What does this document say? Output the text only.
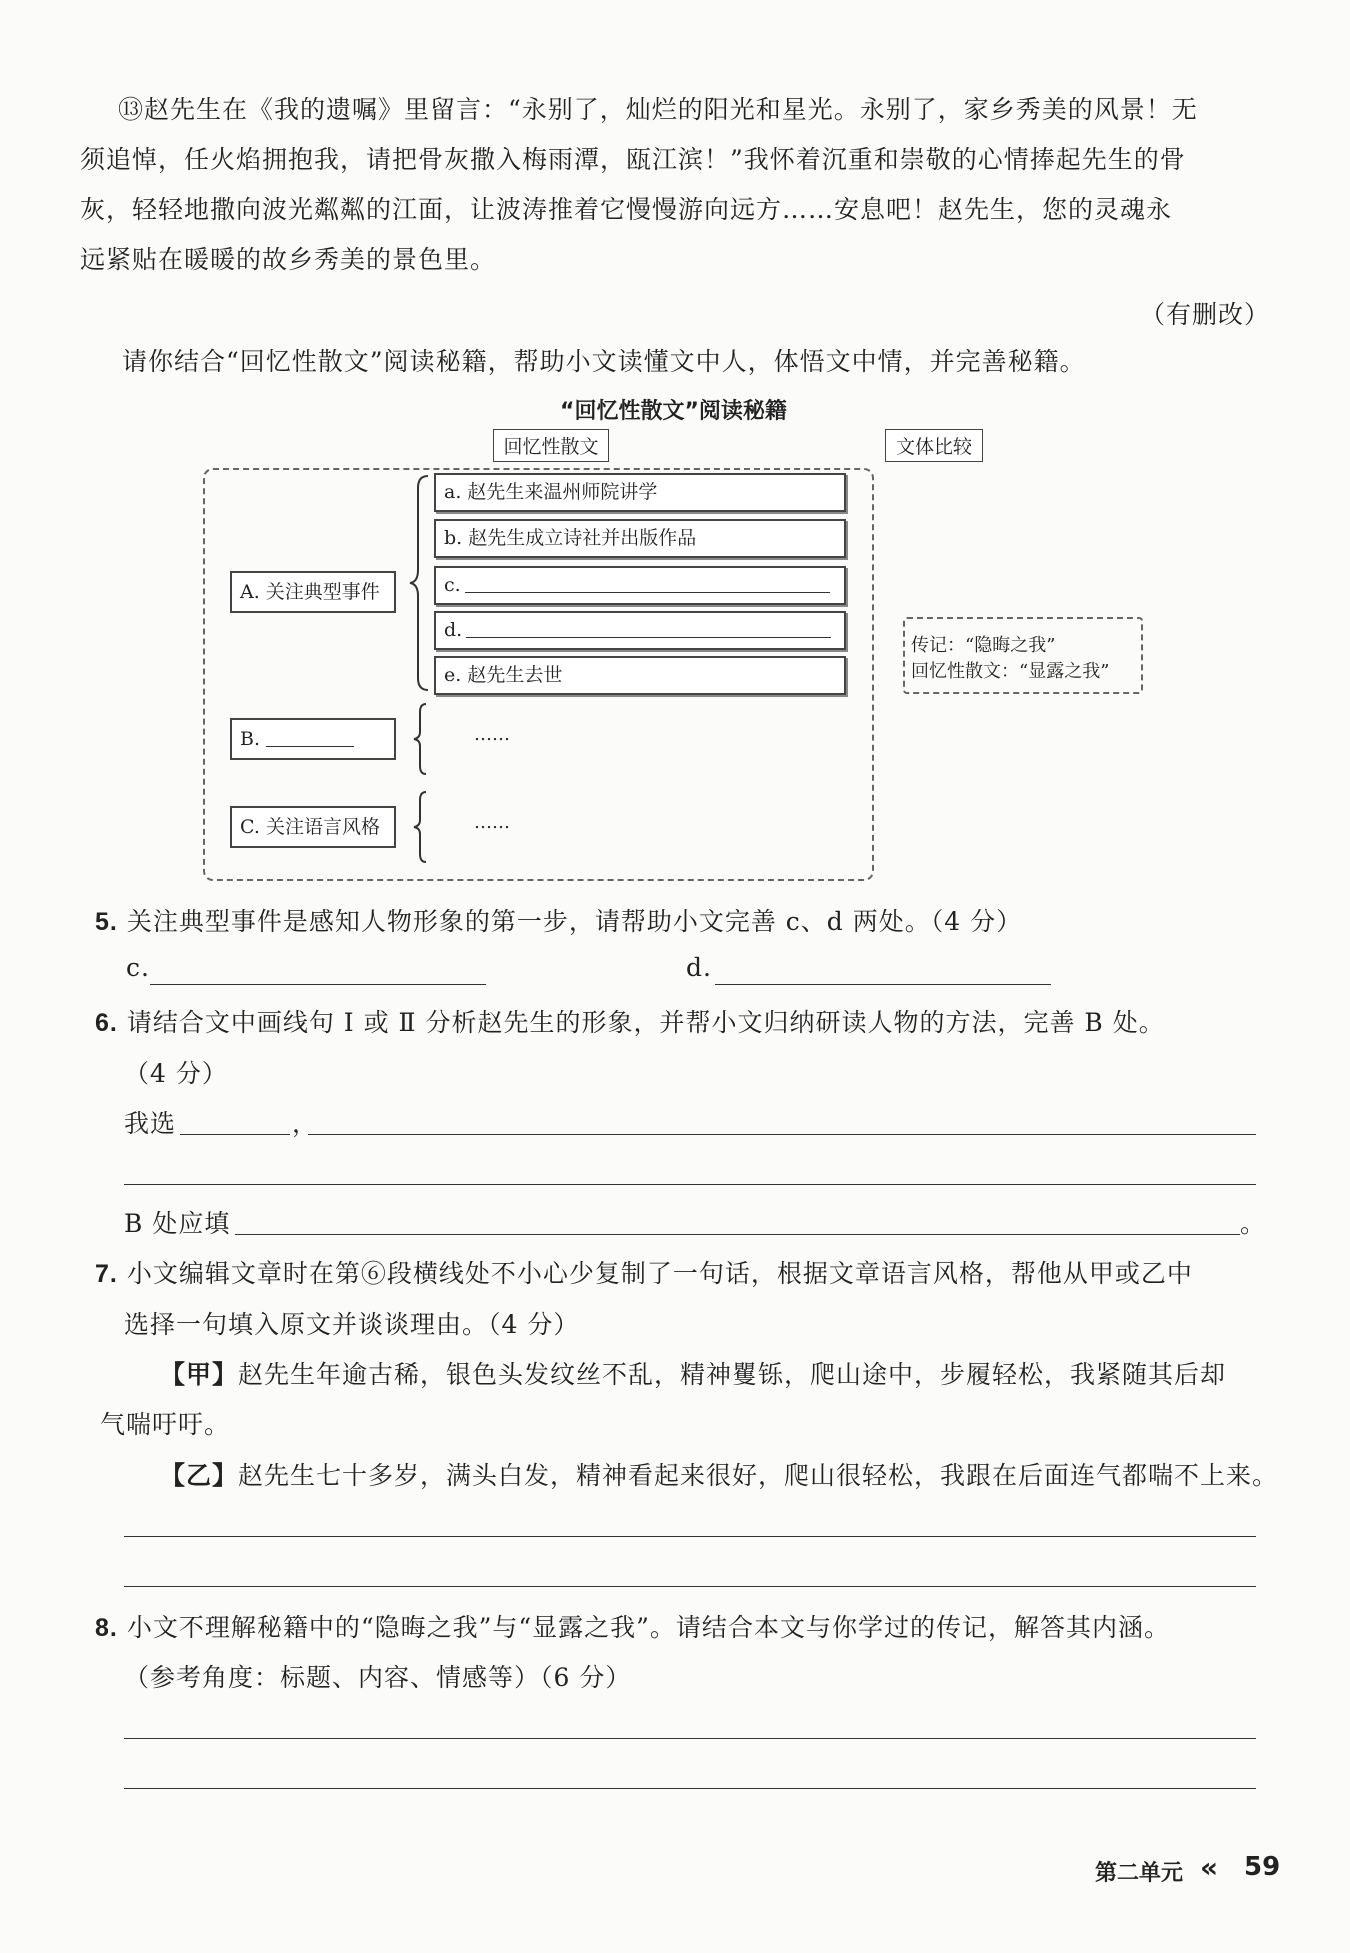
⑬赵先生在《我的遗嘱》里留言：“永别了，灿烂的阳光和星光。永别了，家乡秀美的风景！无
须追悼，任火焰拥抱我，请把骨灰撒入梅雨潭，瓯江滨！”我怀着沉重和崇敬的心情捧起先生的骨
灰，轻轻地撒向波光粼粼的江面，让波涛推着它慢慢游向远方……安息吧！赵先生，您的灵魂永
远紧贴在暖暖的故乡秀美的景色里。
（有删改）
请你结合“回忆性散文”阅读秘籍，帮助小文读懂文中人，体悟文中情，并完善秘籍。
“回忆性散文”阅读秘籍
回忆性散文	文体比较
A. 关注典型事件
B.
C. 关注语言风格
a. 赵先生来温州师院讲学
b. 赵先生成立诗社并出版作品
c.
d.
e. 赵先生去世
……
……
传记：“隐晦之我”
回忆性散文：“显露之我”
5. 关注典型事件是感知人物形象的第一步，请帮助小文完善 c、d 两处。（4 分）
c.	d.
6. 请结合文中画线句 Ⅰ 或 Ⅱ 分析赵先生的形象，并帮小文归纳研读人物的方法，完善 B 处。
（4 分）
我选	，
B 处应填	。
7. 小文编辑文章时在第⑥段横线处不小心少复制了一句话，根据文章语言风格，帮他从甲或乙中
选择一句填入原文并谈谈理由。（4 分）
【甲】赵先生年逾古稀，银色头发纹丝不乱，精神矍铄，爬山途中，步履轻松，我紧随其后却
气喘吁吁。
【乙】赵先生七十多岁，满头白发，精神看起来很好，爬山很轻松，我跟在后面连气都喘不上来。
8. 小文不理解秘籍中的“隐晦之我”与“显露之我”。请结合本文与你学过的传记，解答其内涵。
（参考角度：标题、内容、情感等）（6 分）
第二单元 « 59
